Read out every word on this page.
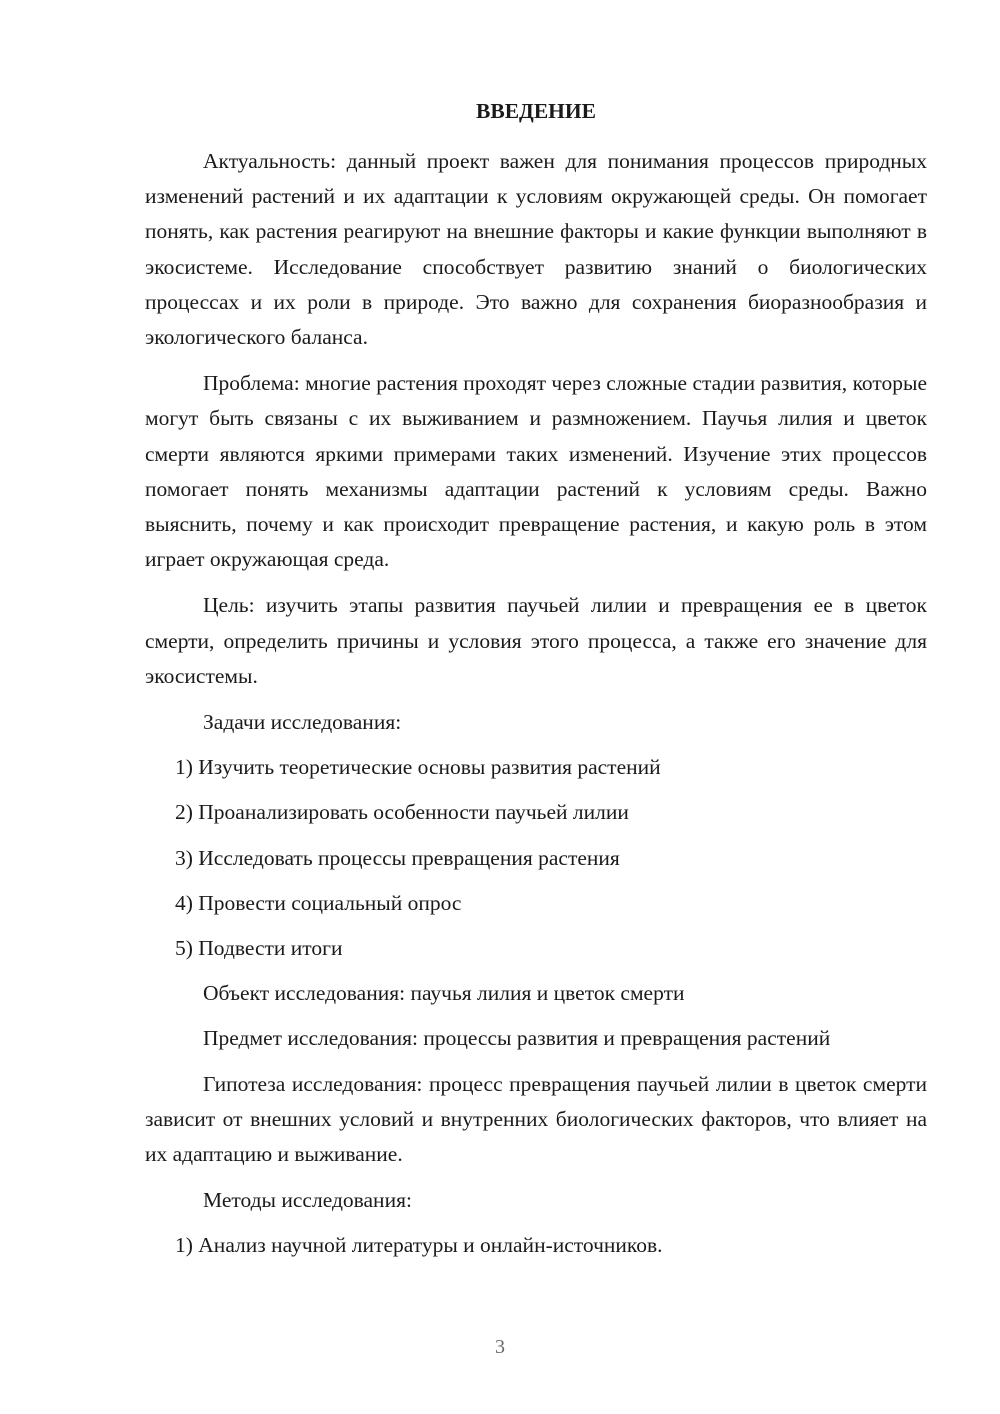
ВВЕДЕНИЕ

Актуальность: данный проект важен для понимания процессов природных изменений растений и их адаптации к условиям окружающей среды. Он помогает понять, как растения реагируют на внешние факторы и какие функции выполняют в экосистеме. Исследование способствует развитию знаний о биологических процессах и их роли в природе. Это важно для сохранения биоразнообразия и экологического баланса.

Проблема: многие растения проходят через сложные стадии развития, которые могут быть связаны с их выживанием и размножением. Паучья лилия и цветок смерти являются яркими примерами таких изменений. Изучение этих процессов помогает понять механизмы адаптации растений к условиям среды. Важно выяснить, почему и как происходит превращение растения, и какую роль в этом играет окружающая среда.

Цель: изучить этапы развития паучьей лилии и превращения ее в цветок смерти, определить причины и условия этого процесса, а также его значение для экосистемы.

Задачи исследования:

1) Изучить теоретические основы развития растений

2) Проанализировать особенности паучьей лилии

3) Исследовать процессы превращения растения

4) Провести социальный опрос

5) Подвести итоги

Объект исследования: паучья лилия и цветок смерти

Предмет исследования: процессы развития и превращения растений

Гипотеза исследования: процесс превращения паучьей лилии в цветок смерти зависит от внешних условий и внутренних биологических факторов, что влияет на их адаптацию и выживание.

Методы исследования:

1) Анализ научной литературы и онлайн-источников.

3
